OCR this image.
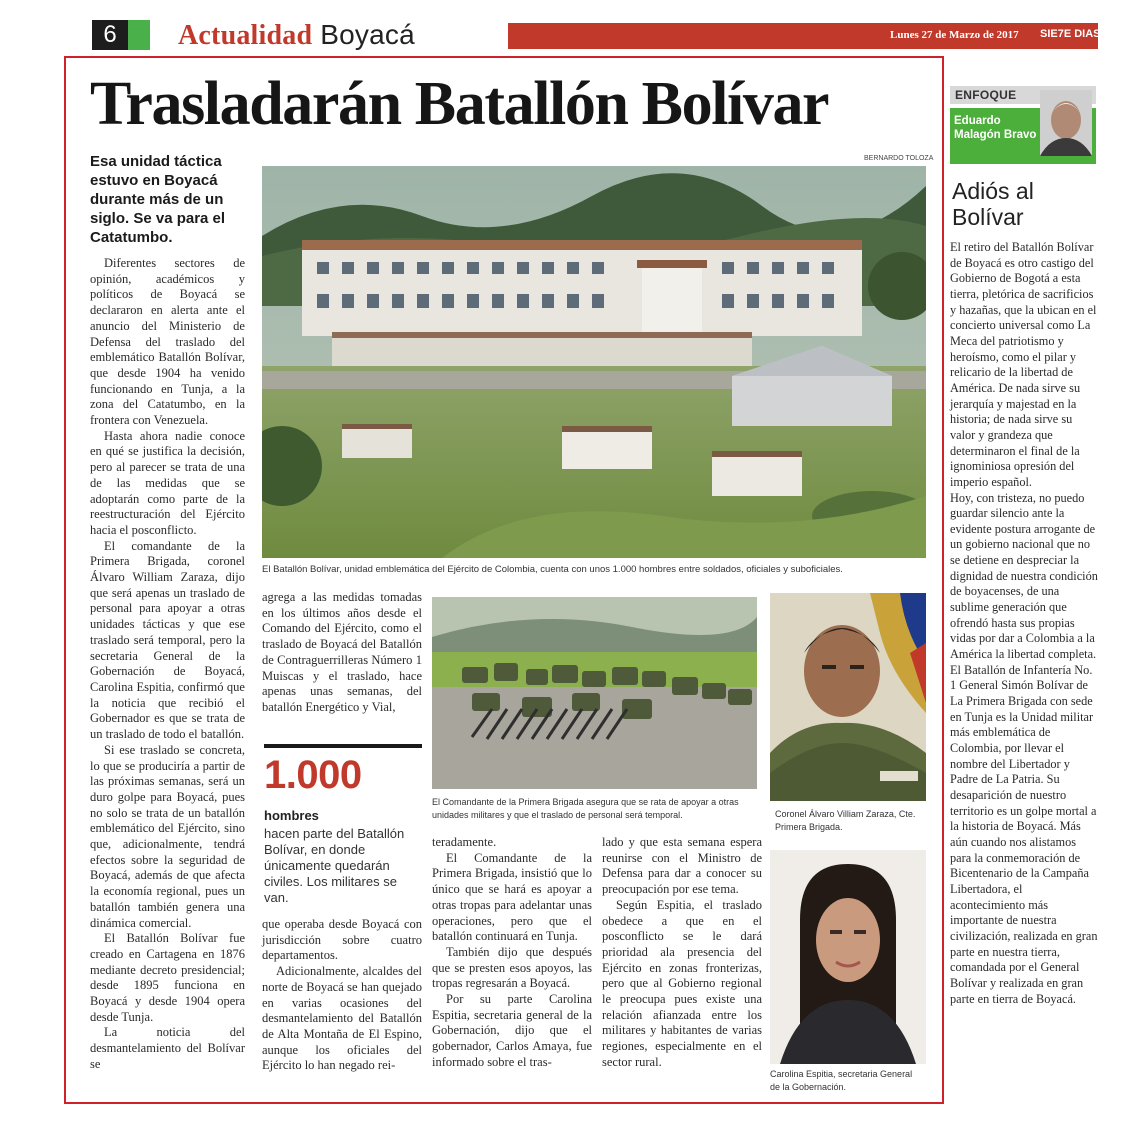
6	Actualidad Boyacá	Lunes 27 de Marzo de 2017 SIE7E DIAS
Trasladarán Batallón Bolívar
Esa unidad táctica estuvo en Boyacá durante más de un siglo. Se va para el Catatumbo.

Diferentes sectores de opinión, académicos y políticos de Boyacá se declararon en alerta ante el anuncio del Ministerio de Defensa del traslado del emblemático Batallón Bolívar, que desde 1904 ha venido funcionando en Tunja, a la zona del Catatumbo, en la frontera con Venezuela.

Hasta ahora nadie conoce en qué se justifica la decisión, pero al parecer se trata de una de las medidas que se adoptarán como parte de la reestructuración del Ejército hacia el posconflicto.

El comandante de la Primera Brigada, coronel Álvaro William Zaraza, dijo que será apenas un traslado de personal para apoyar a otras unidades tácticas y que ese traslado será temporal, pero la secretaria General de la Gobernación de Boyacá, Carolina Espitia, confirmó que la noticia que recibió el Gobernador es que se trata de un traslado de todo el batallón.

Si ese traslado se concreta, lo que se produciría a partir de las próximas semanas, será un duro golpe para Boyacá, pues no solo se trata de un batallón emblemático del Ejército, sino que, adicionalmente, tendrá efectos sobre la seguridad de Boyacá, además de que afecta la economía regional, pues un batallón también genera una dinámica comercial.

El Batallón Bolívar fue creado en Cartagena en 1876 mediante decreto presidencial; desde 1895 funciona en Boyacá y desde 1904 opera desde Tunja.

La noticia del desmantelamiento del Bolívar se

BERNARDO TOLOZA
El Batallón Bolívar, unidad emblemática del Ejército de Colombia, cuenta con unos 1.000 hombres entre soldados, oficiales y suboficiales.

agrega a las medidas tomadas en los últimos años desde el Comando del Ejército, como el traslado de Boyacá del Batallón de Contraguerrilleras Número 1 Muiscas y el traslado, hace apenas unas semanas, del batallón Energético y Vial,

1.000
hombres
hacen parte del Batallón Bolívar, en donde únicamente quedarán civiles. Los militares se van.

que operaba desde Boyacá con jurisdicción sobre cuatro departamentos.

Adicionalmente, alcaldes del norte de Boyacá se han quejado en varias ocasiones del desmantelamiento del Batallón de Alta Montaña de El Espino, aunque los oficiales del Ejército lo han negado rei-

El Comandante de la Primera Brigada asegura que se rata de apoyar a otras unidades militares y que el traslado de personal será temporal.	Coronel Álvaro Villiam Zaraza, Cte. Primera Brigada.

teradamente.

El Comandante de la Primera Brigada, insistió que lo único que se hará es apoyar a otras tropas para adelantar unas operaciones, pero que el batallón continuará en Tunja.

También dijo que después que se presten esos apoyos, las tropas regresarán a Boyacá.

Por su parte Carolina Espitia, secretaria general de la Gobernación, dijo que el gobernador, Carlos Amaya, fue informado sobre el tras-

lado y que esta semana espera reunirse con el Ministro de Defensa para dar a conocer su preocupación por ese tema.

Según Espitia, el traslado obedece a que en el posconflicto se le dará prioridad ala presencia del Ejército en zonas fronterizas, pero que al Gobierno regional le preocupa pues existe una relación afianzada entre los militares y habitantes de varias regiones, especialmente en el sector rural.

Carolina Espitia, secretaria General de la Gobernación.
ENFOQUE
Eduardo Malagón Bravo
Adiós al Bolívar

El retiro del Batallón Bolívar de Boyacá es otro castigo del Gobierno de Bogotá a esta tierra, pletórica de sacrificios y hazañas, que la ubican en el concierto universal como La Meca del patriotismo y heroísmo, como el pilar y relicario de la libertad de América. De nada sirve su jerarquía y majestad en la historia; de nada sirve su valor y grandeza que determinaron el final de la ignominiosa opresión del imperio español.

Hoy, con tristeza, no puedo guardar silencio ante la evidente postura arrogante de un gobierno nacional que no se detiene en despreciar la dignidad de nuestra condición de boyacenses, de una sublime generación que ofrendó hasta sus propias vidas por dar a Colombia a la América la libertad completa.

El Batallón de Infantería No. 1 General Simón Bolívar de La Primera Brigada con sede en Tunja es la Unidad militar más emblemática de Colombia, por llevar el nombre del Libertador y Padre de La Patria. Su desaparición de nuestro territorio es un golpe mortal a la historia de Boyacá. Más aún cuando nos alistamos para la conmemoración de Bicentenario de la Campaña Libertadora, el acontecimiento más importante de nuestra civilización, realizada en gran parte en nuestra tierra, comandada por el General Bolívar y realizada en gran parte en tierra de Boyacá.
